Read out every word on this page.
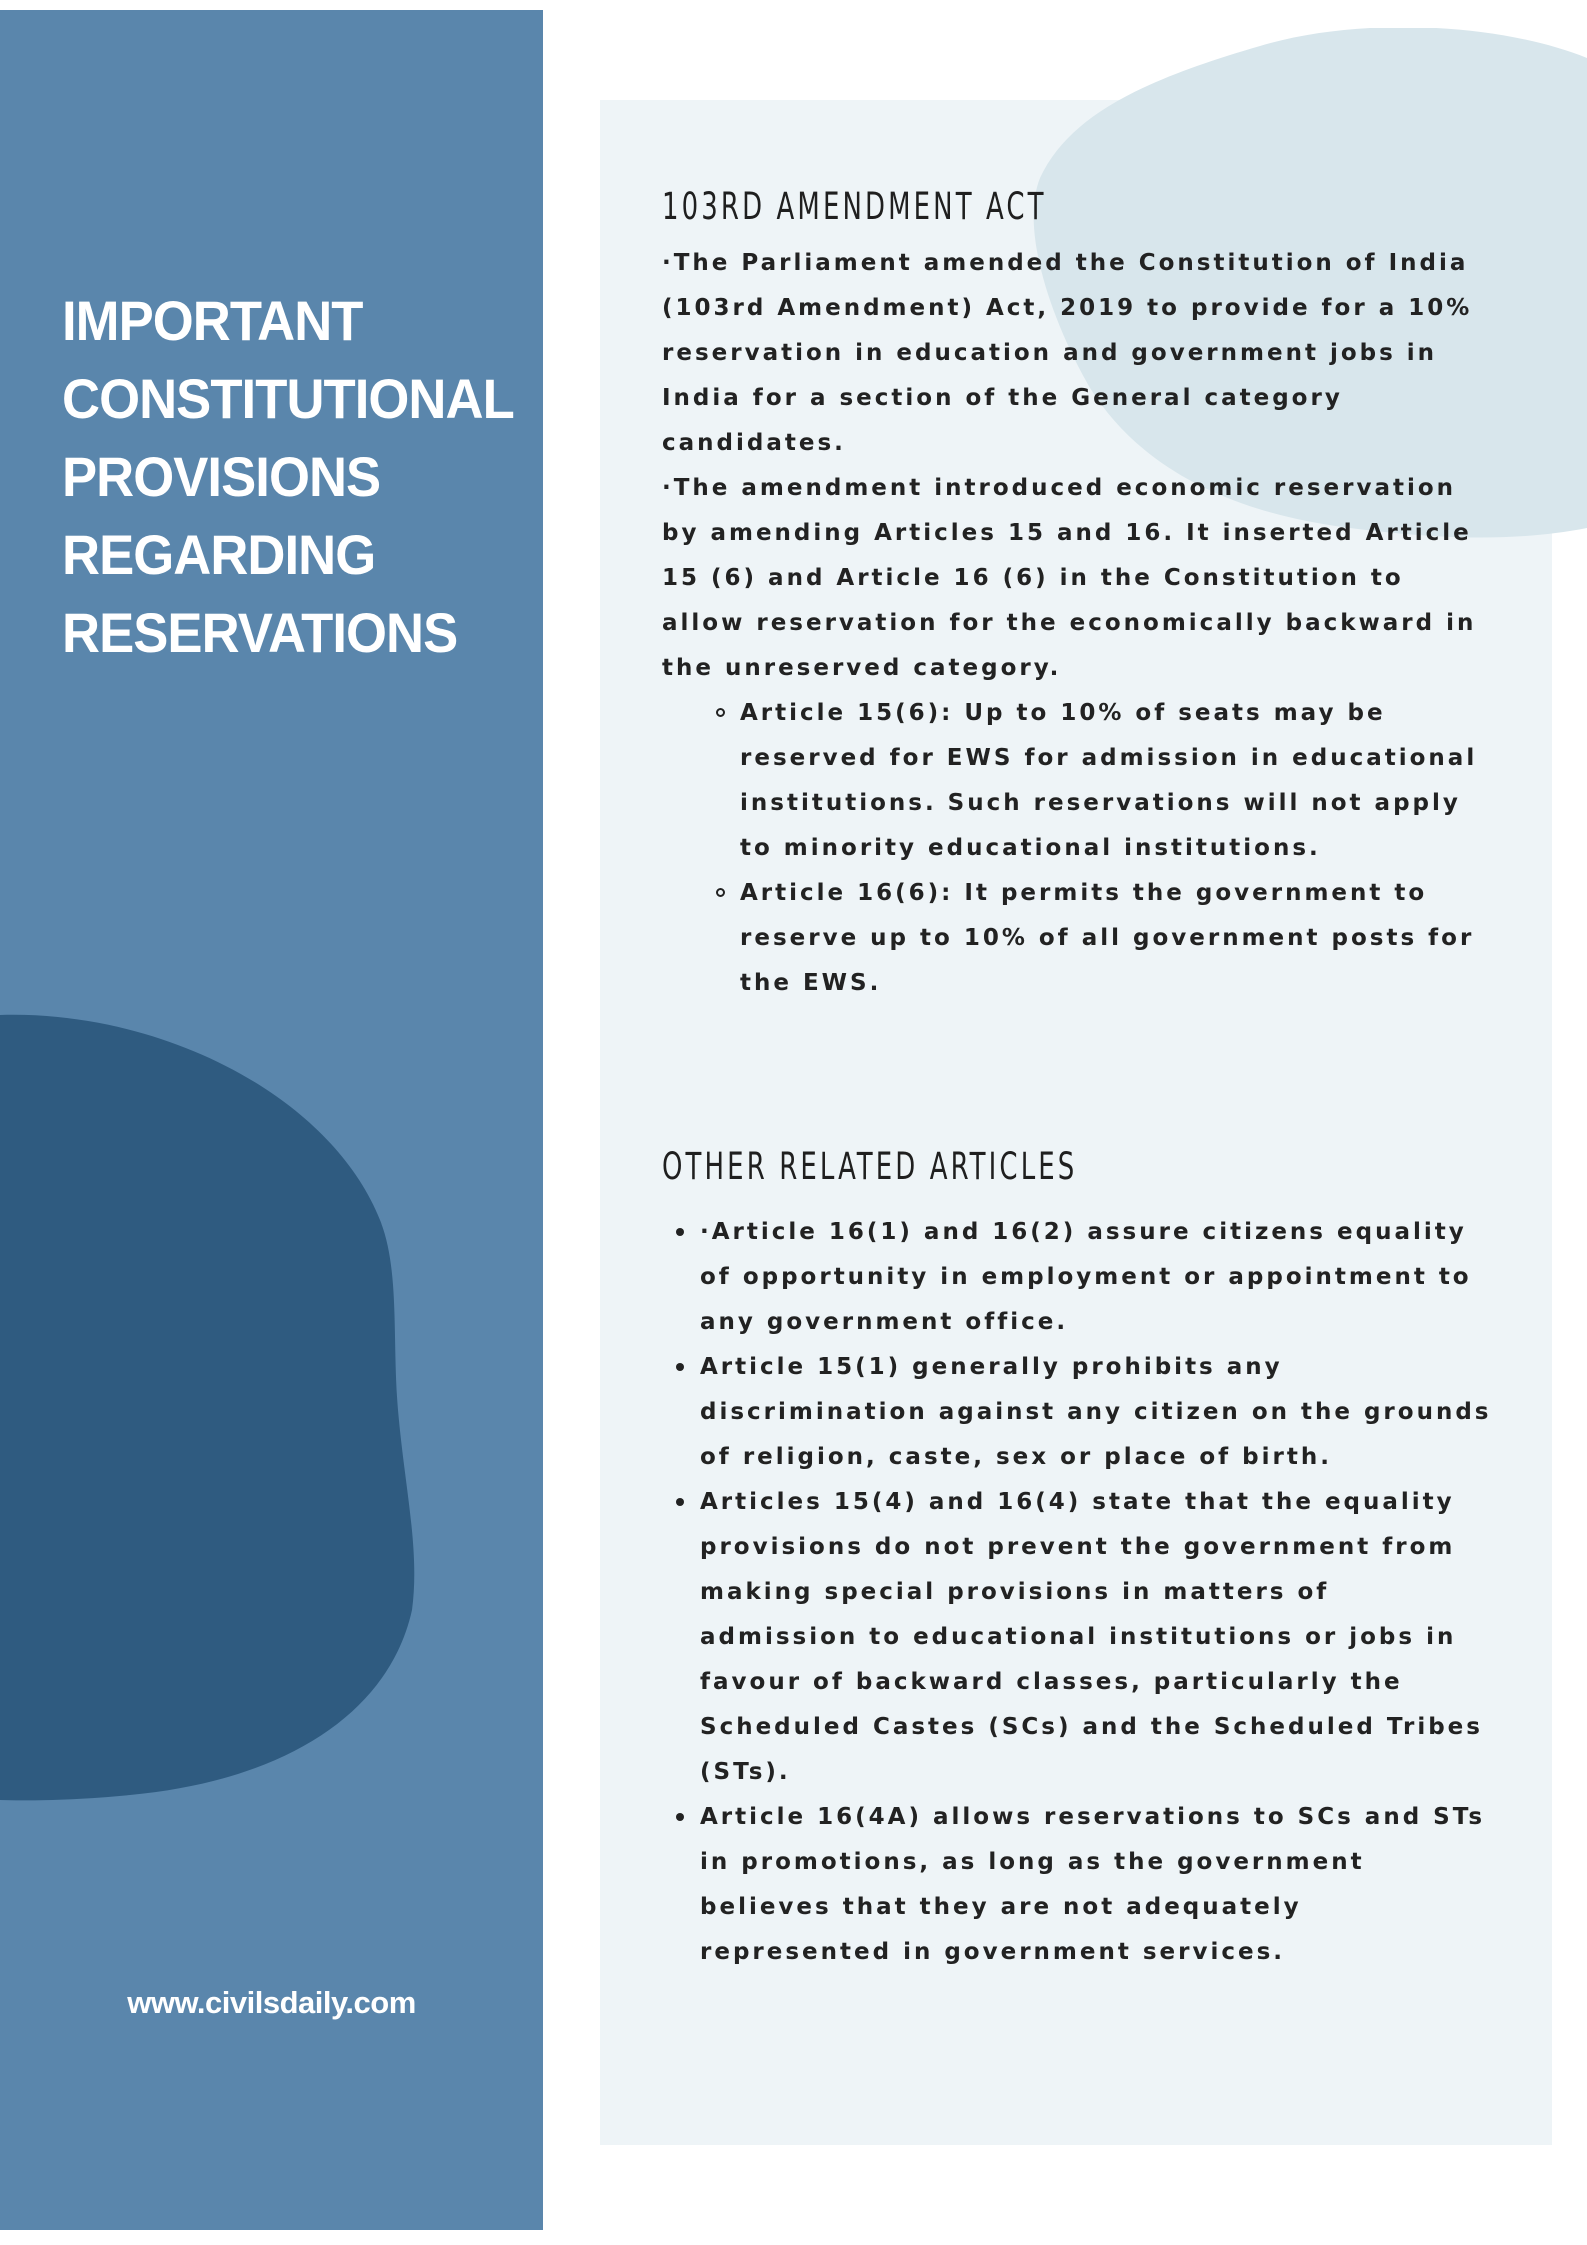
IMPORTANT
CONSTITUTIONAL
PROVISIONS
REGARDING
RESERVATIONS
www.civilsdaily.com
103RD AMENDMENT ACT

·The Parliament amended the Constitution of India (103rd Amendment) Act, 2019 to provide for a 10% reservation in education and government jobs in India for a section of the General category candidates.

·The amendment introduced economic reservation by amending Articles 15 and 16. It inserted Article 15 (6) and Article 16 (6) in the Constitution to allow reservation for the economically backward in the unreserved category.

Article 15(6): Up to 10% of seats may be reserved for EWS for admission in educational institutions. Such reservations will not apply to minority educational institutions.
Article 16(6): It permits the government to reserve up to 10% of all government posts for the EWS.
OTHER RELATED ARTICLES
·Article 16(1) and 16(2) assure citizens equality of opportunity in employment or appointment to any government office.
Article 15(1) generally prohibits any discrimination against any citizen on the grounds of religion, caste, sex or place of birth.
Articles 15(4) and 16(4) state that the equality provisions do not prevent the government from making special provisions in matters of admission to educational institutions or jobs in favour of backward classes, particularly the Scheduled Castes (SCs) and the Scheduled Tribes (STs).
Article 16(4A) allows reservations to SCs and STs in promotions, as long as the government believes that they are not adequately represented in government services.
